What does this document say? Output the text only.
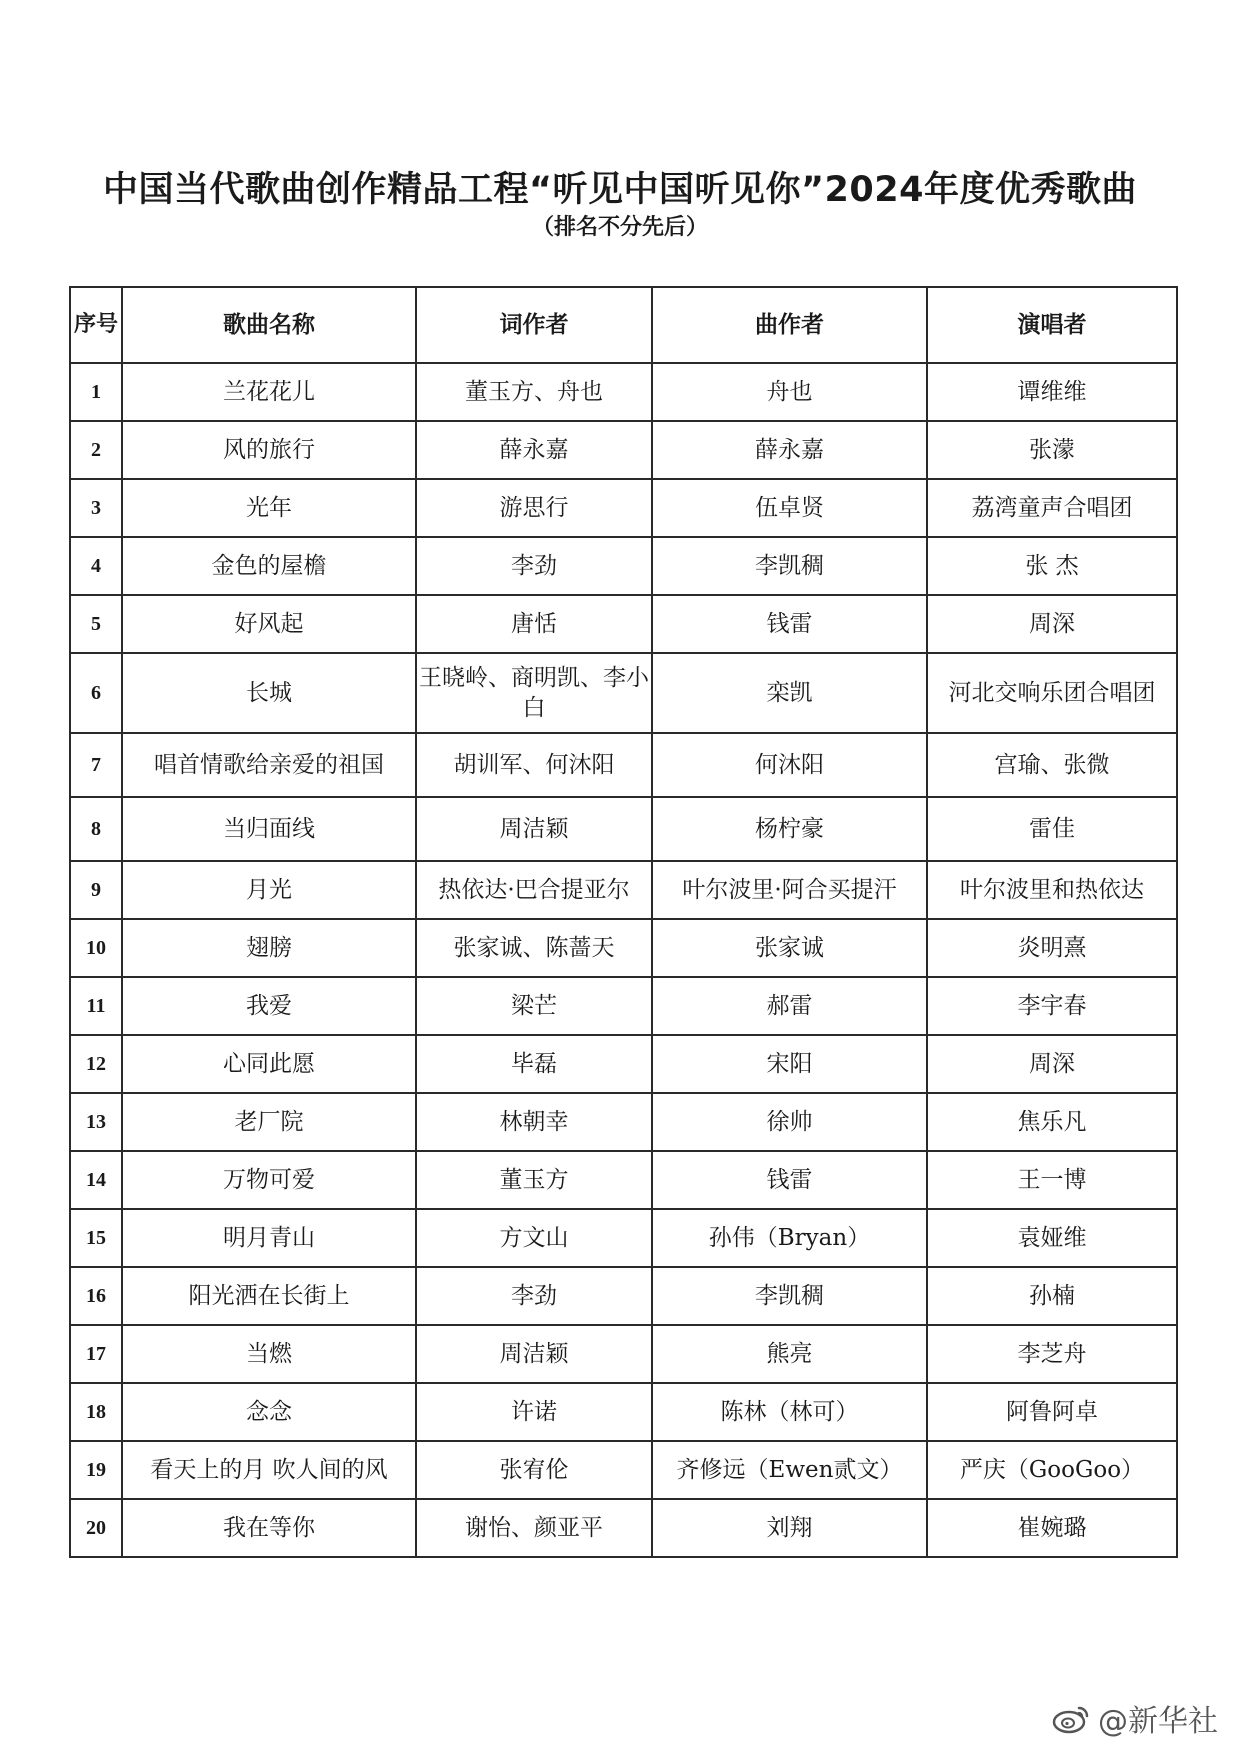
中国当代歌曲创作精品工程“听见中国听见你”2024年度优秀歌曲
（排名不分先后）
序号	歌曲名称	词作者	曲作者	演唱者
1	兰花花儿	董玉方、舟也	舟也	谭维维
2	风的旅行	薛永嘉	薛永嘉	张濛
3	光年	游思行	伍卓贤	荔湾童声合唱团
4	金色的屋檐	李劲	李凯稠	张 杰
5	好风起	唐恬	钱雷	周深
6	长城	王晓岭、商明凯、李小白	栾凯	河北交响乐团合唱团
7	唱首情歌给亲爱的祖国	胡训军、何沐阳	何沐阳	宫瑜、张微
8	当归面线	周洁颖	杨柠豪	雷佳
9	月光	热依达·巴合提亚尔	叶尔波里·阿合买提汗	叶尔波里和热依达
10	翅膀	张家诚、陈蔷天	张家诚	炎明熹
11	我爱	梁芒	郝雷	李宇春
12	心同此愿	毕磊	宋阳	周深
13	老厂院	林朝幸	徐帅	焦乐凡
14	万物可爱	董玉方	钱雷	王一博
15	明月青山	方文山	孙伟（Bryan）	袁娅维
16	阳光洒在长街上	李劲	李凯稠	孙楠
17	当燃	周洁颖	熊亮	李芝舟
18	念念	许诺	陈林（林可）	阿鲁阿卓
19	看天上的月 吹人间的风	张宥伦	齐修远（Ewen贰文）	严庆（GooGoo）
20	我在等你	谢怡、颜亚平	刘翔	崔婉璐
@新华社
